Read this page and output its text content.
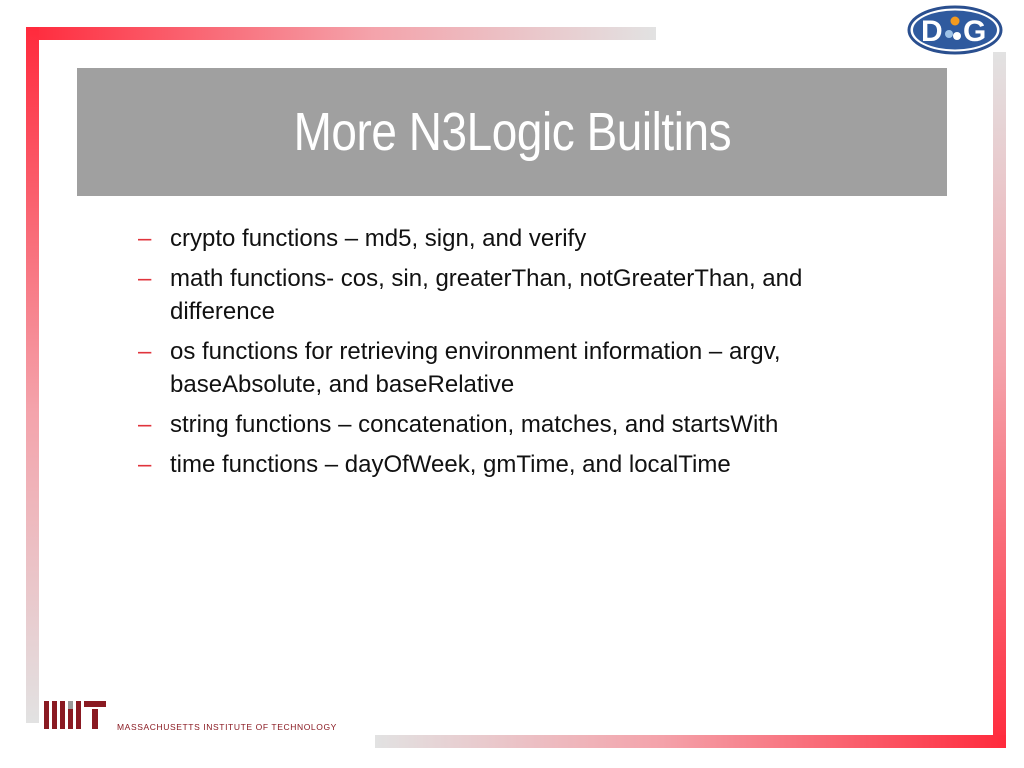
More N3Logic Builtins
– crypto functions – md5, sign, and verify
– math functions- cos, sin, greaterThan, notGreaterThan, and difference
– os functions for retrieving environment information – argv, baseAbsolute, and baseRelative
– string functions – concatenation, matches, and startsWith
– time functions – dayOfWeek, gmTime, and localTime
D G
MASSACHUSETTS INSTITUTE OF TECHNOLOGY
